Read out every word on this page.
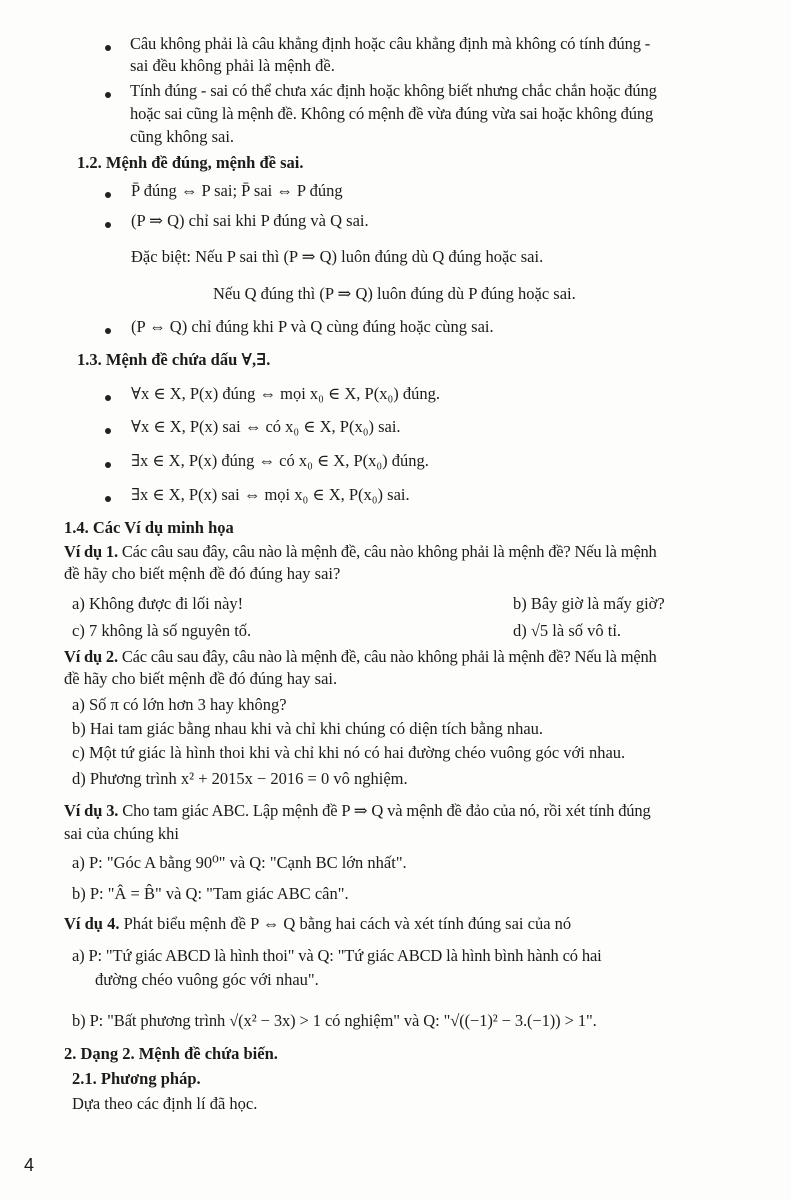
Câu không phải là câu khẳng định hoặc câu khẳng định mà không có tính đúng -
sai đều không phải là mệnh đề.
Tính đúng - sai có thể chưa xác định hoặc không biết nhưng chắc chắn hoặc đúng
hoặc sai cũng là mệnh đề. Không có mệnh đề vừa đúng vừa sai hoặc không đúng
cũng không sai.
1.2. Mệnh đề đúng, mệnh đề sai.
P̄ đúng ⇔ P sai; P̄ sai ⇔ P đúng
(P ⇒ Q) chỉ sai khi P đúng và Q sai.
Đặc biệt: Nếu P sai thì (P ⇒ Q) luôn đúng dù Q đúng hoặc sai.
Nếu Q đúng thì (P ⇒ Q) luôn đúng dù P đúng hoặc sai.
(P ⇔ Q) chỉ đúng khi P và Q cùng đúng hoặc cùng sai.
1.3. Mệnh đề chứa dấu ∀,∃.
∀x ∈ X, P(x) đúng ⇔ mọi x₀ ∈ X, P(x₀) đúng.
∀x ∈ X, P(x) sai ⇔ có x₀ ∈ X, P(x₀) sai.
∃x ∈ X, P(x) đúng ⇔ có x₀ ∈ X, P(x₀) đúng.
∃x ∈ X, P(x) sai ⇔ mọi x₀ ∈ X, P(x₀) sai.
1.4. Các Ví dụ minh họa
Ví dụ 1. Các câu sau đây, câu nào là mệnh đề, câu nào không phải là mệnh đề? Nếu là mệnh
đề hãy cho biết mệnh đề đó đúng hay sai?
a) Không được đi lối này!	b) Bây giờ là mấy giờ?
c) 7 không là số nguyên tố.	d) √5 là số vô tỉ.
Ví dụ 2. Các câu sau đây, câu nào là mệnh đề, câu nào không phải là mệnh đề? Nếu là mệnh
đề hãy cho biết mệnh đề đó đúng hay sai.
a) Số π có lớn hơn 3 hay không?
b) Hai tam giác bằng nhau khi và chỉ khi chúng có diện tích bằng nhau.
c) Một tứ giác là hình thoi khi và chỉ khi nó có hai đường chéo vuông góc với nhau.
d) Phương trình x² + 2015x − 2016 = 0 vô nghiệm.
Ví dụ 3. Cho tam giác ABC. Lập mệnh đề P ⇒ Q và mệnh đề đảo của nó, rồi xét tính đúng
sai của chúng khi
a) P: "Góc A bằng 90⁰" và Q: "Cạnh BC lớn nhất".
b) P: "Â = B̂" và Q: "Tam giác ABC cân".
Ví dụ 4. Phát biểu mệnh đề P ⇔ Q bằng hai cách và xét tính đúng sai của nó
a) P: "Tứ giác ABCD là hình thoi" và Q: "Tứ giác ABCD là hình bình hành có hai
đường chéo vuông góc với nhau".
b) P: "Bất phương trình √(x² − 3x) > 1 có nghiệm" và Q: "√((−1)² − 3.(−1)) > 1".
2. Dạng 2. Mệnh đề chứa biến.
2.1. Phương pháp.
Dựa theo các định lí đã học.
4
